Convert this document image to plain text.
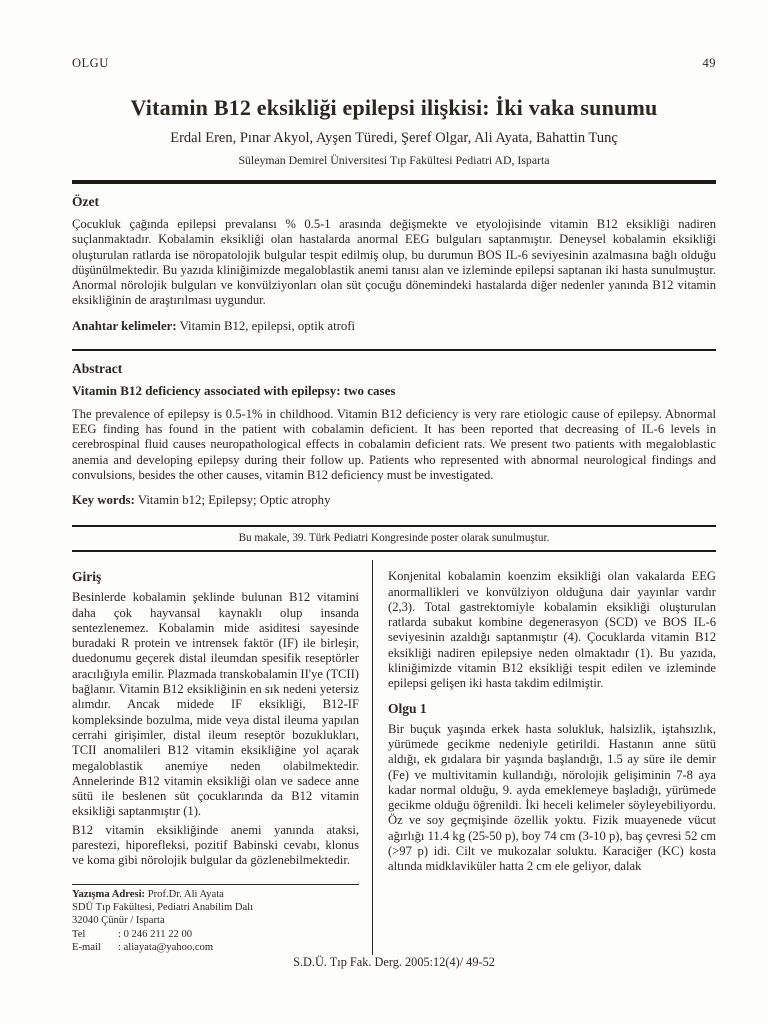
OLGU	49
Vitamin B12 eksikliği epilepsi ilişkisi: İki vaka sunumu
Erdal Eren, Pınar Akyol, Ayşen Türedi, Şeref Olgar, Ali Ayata, Bahattin Tunç
Süleyman Demirel Üniversitesi Tıp Fakültesi Pediatri AD, Isparta
Özet

Çocukluk çağında epilepsi prevalansı % 0.5-1 arasında değişmekte ve etyolojisinde vitamin B12 eksikliği nadiren suçlanmaktadır. Kobalamin eksikliği olan hastalarda anormal EEG bulguları saptanmıştır. Deneysel kobalamin eksikliği oluşturulan ratlarda ise nöropatolojik bulgular tespit edilmiş olup, bu durumun BOS IL-6 seviyesinin azalmasına bağlı olduğu düşünülmektedir. Bu yazıda kliniğimizde megaloblastik anemi tanısı alan ve izleminde epilepsi saptanan iki hasta sunulmuştur. Anormal nörolojik bulguları ve konvülziyonları olan süt çocuğu dönemindeki hastalarda diğer nedenler yanında B12 vitamin eksikliğinin de araştırılması uygundur.

Anahtar kelimeler: Vitamin B12, epilepsi, optik atrofi

Abstract
Vitamin B12 deficiency associated with epilepsy: two cases

The prevalence of epilepsy is 0.5-1% in childhood. Vitamin B12 deficiency is very rare etiologic cause of epilepsy. Abnormal EEG finding has found in the patient with cobalamin deficient. It has been reported that decreasing of IL-6 levels in cerebrospinal fluid causes neuropathological effects in cobalamin deficient rats. We present two patients with megaloblastic anemia and developing epilepsy during their follow up. Patients who represented with abnormal neurological findings and convulsions, besides the other causes, vitamin B12 deficiency must be investigated.

Key words: Vitamin b12; Epilepsy; Optic atrophy

Bu makale, 39. Türk Pediatri Kongresinde poster olarak sunulmuştur.
Giriş

Besinlerde kobalamin şeklinde bulunan B12 vitamini daha çok hayvansal kaynaklı olup insanda sentezlenemez. Kobalamin mide asiditesi sayesinde buradaki R protein ve intrensek faktör (IF) ile birleşir, duedonumu geçerek distal ileumdan spesifik reseptörler aracılığıyla emilir. Plazmada transkobalamin II'ye (TCII) bağlanır. Vitamin B12 eksikliğinin en sık nedeni yetersiz alımdır. Ancak midede IF eksikliği, B12-IF kompleksinde bozulma, mide veya distal ileuma yapılan cerrahi girişimler, distal ileum reseptör bozuklukları, TCII anomalileri B12 vitamin eksikliğine yol açarak megaloblastik anemiye neden olabilmektedir. Annelerinde B12 vitamin eksikliği olan ve sadece anne sütü ile beslenen süt çocuklarında da B12 vitamin eksikliği saptanmıştır (1).

B12 vitamin eksikliğinde anemi yanında ataksi, parestezi, hiporefleksi, pozitif Babinski cevabı, klonus ve koma gibi nörolojik bulgular da gözlenebilmektedir.

Yazışma Adresi: Prof.Dr. Ali Ayata
SDÜ Tıp Fakültesi, Pediatri Anabilim Dalı
32040 Çünür / Isparta
Tel	: 0 246 211 22 00
E-mail	: aliayata@yahoo.com

Konjenital kobalamin koenzim eksikliği olan vakalarda EEG anormallikleri ve konvülziyon olduğuna dair yayınlar vardır (2,3). Total gastrektomiyle kobalamin eksikliği oluşturulan ratlarda subakut kombine degenerasyon (SCD) ve BOS IL-6 seviyesinin azaldığı saptanmıştır (4). Çocuklarda vitamin B12 eksikliği nadiren epilepsiye neden olmaktadır (1). Bu yazıda, kliniğimizde vitamin B12 eksikliği tespit edilen ve izleminde epilepsi gelişen iki hasta takdim edilmiştir.

Olgu 1

Bir buçuk yaşında erkek hasta solukluk, halsizlik, iştahsızlık, yürümede gecikme nedeniyle getirildi. Hastanın anne sütü aldığı, ek gıdalara bir yaşında başlandığı, 1.5 ay süre ile demir (Fe) ve multivitamin kullandığı, nörolojik gelişiminin 7-8 aya kadar normal olduğu, 9. ayda emeklemeye başladığı, yürümede gecikme olduğu öğrenildi. İki heceli kelimeler söyleyebiliyordu. Öz ve soy geçmişinde özellik yoktu. Fizik muayenede vücut ağırlığı 11.4 kg (25-50 p), boy 74 cm (3-10 p), baş çevresi 52 cm (>97 p) idi. Cilt ve mukozalar soluktu. Karaciğer (KC) kosta altında midklaviküler hatta 2 cm ele geliyor, dalak

S.D.Ü. Tıp Fak. Derg. 2005:12(4)/ 49-52
